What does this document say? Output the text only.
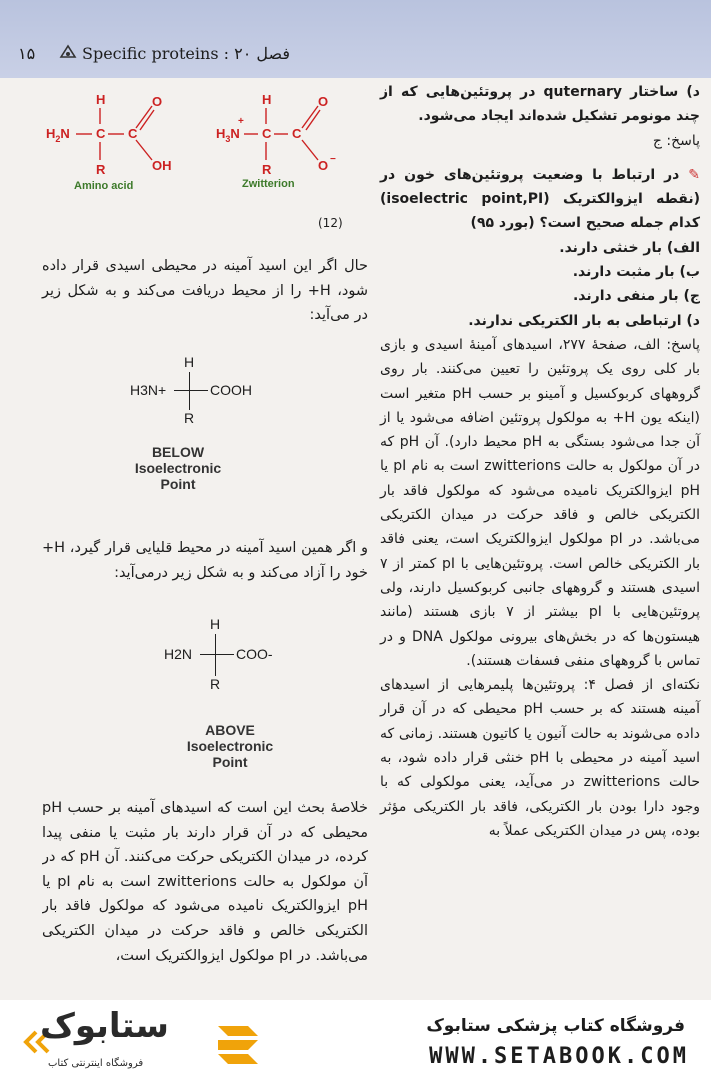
۱۵	Specific proteins : فصل ۲۰

د) ساختار quternary در پروتئین‌هایی که از چند مونومر تشکیل شده‌اند ایجاد می‌شود.

پاسخ: ج

✎ در ارتباط با وضعیت پروتئین‌های خون در (نقطه ایزوالکتریک (isoelectric point,PI) کدام جمله صحیح است؟ (بورد ۹۵)

الف) بار خنثی دارند.

ب) بار مثبت دارند.

ج) بار منفی دارند.

د) ارتباطی به بار الکتریکی ندارند.

پاسخ: الف، صفحهٔ ۲۷۷، اسیدهای آمینهٔ اسیدی و بازی بار کلی روی یک پروتئین را تعیین می‌کنند. بار روی گروههای کربوکسیل و آمینو بر حسب pH متغیر است (اینکه یون H+ به مولکول پروتئین اضافه می‌شود یا از آن جدا می‌شود بستگی به pH محیط دارد). آن pH که در آن مولکول به حالت zwitterions است به نام pI یا pH ایزوالکتریک نامیده می‌شود که مولکول فاقد بار الکتریکی خالص و فاقد حرکت در میدان الکتریکی می‌باشد. در pI مولکول ایزوالکتریک است، یعنی فاقد بار الکتریکی خالص است. پروتئین‌هایی با pI کمتر از ۷ اسیدی هستند و گروههای جانبی کربوکسیل دارند، ولی پروتئین‌هایی با pI بیشتر از ۷ بازی هستند (مانند هیستون‌ها که در بخش‌های بیرونی مولکول DNA و در تماس با گروههای منفی فسفات هستند).

نکته‌ای از فصل ۴: پروتئین‌ها پلیمرهایی از اسیدهای آمینه هستند که بر حسب pH محیطی که در آن قرار داده می‌شوند به حالت آنیون یا کاتیون هستند. زمانی که اسید آمینه در محیطی با pH خنثی قرار داده شود، به حالت zwitterions در می‌آید، یعنی مولکولی که با وجود دارا بودن بار الکتریکی، فاقد بار الکتریکی مؤثر بوده، پس در میدان الکتریکی عملاً به

H
$H_2N$ C C
R
O
OH
H
$H_3N$
+
C C
R
O
O −
Amino acid	Zwitterion
(12)

حال اگر این اسید آمینه در محیطی اسیدی قرار داده شود، H+ را از محیط دریافت می‌کند و به شکل زیر در می‌آید:

H
H3N+	COOH
R
BELOW
Isoelectronic
Point

و اگر همین اسید آمینه در محیط قلیایی قرار گیرد، H+ خود را آزاد می‌کند و به شکل زیر درمی‌آید:

H
H2N	COO-
R
ABOVE
Isoelectronic
Point

خلاصهٔ بحث این است که اسیدهای آمینه بر حسب pH محیطی که در آن قرار دارند بار مثبت یا منفی پیدا کرده، در میدان الکتریکی حرکت می‌کنند. آن pH که در آن مولکول به حالت zwitterions است به نام pI یا pH ایزوالکتریک نامیده می‌شود که مولکول فاقد بار الکتریکی خالص و فاقد حرکت در میدان الکتریکی می‌باشد. در pI مولکول ایزوالکتریک است،

ستابوک
فروشگاه اینترنتی کتاب
فروشگاه کتاب پزشکی ستابوک
WWW.SETABOOK.COM
